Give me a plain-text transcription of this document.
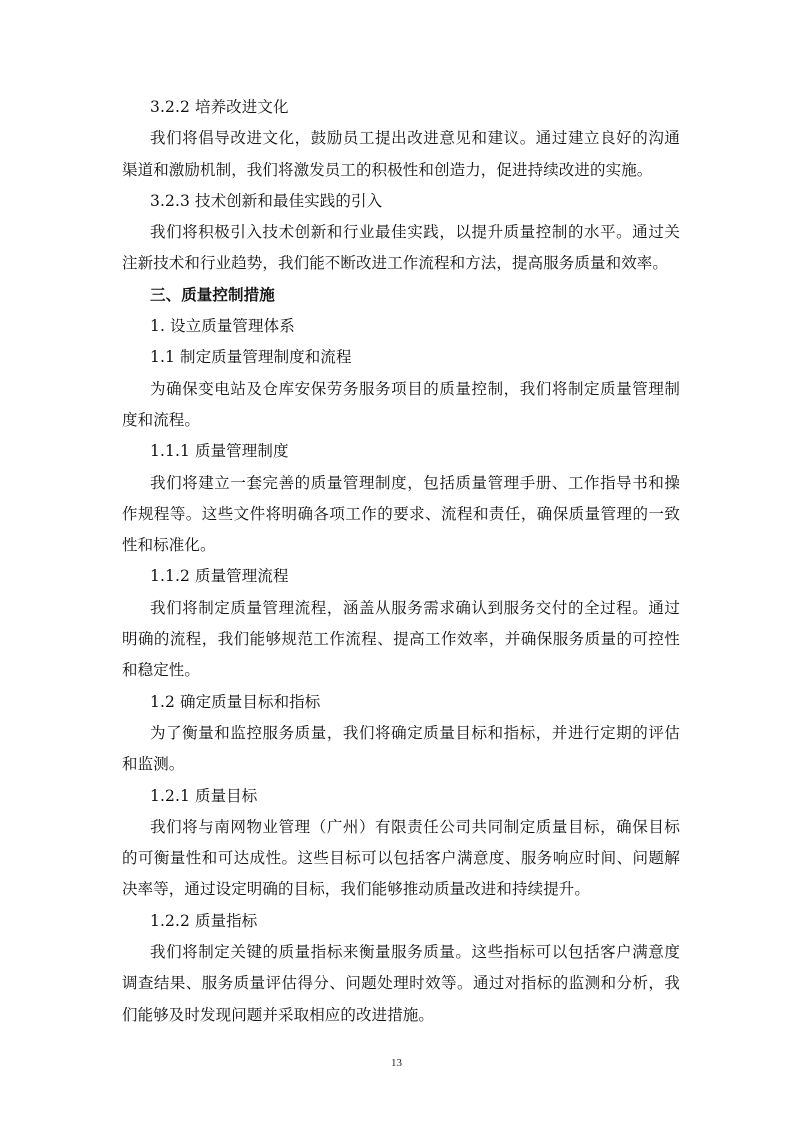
3.2.2 培养改进文化
我们将倡导改进文化，鼓励员工提出改进意见和建议。通过建立良好的沟通
渠道和激励机制，我们将激发员工的积极性和创造力，促进持续改进的实施。
3.2.3 技术创新和最佳实践的引入
我们将积极引入技术创新和行业最佳实践，以提升质量控制的水平。通过关
注新技术和行业趋势，我们能不断改进工作流程和方法，提高服务质量和效率。
三、质量控制措施
1. 设立质量管理体系
1.1 制定质量管理制度和流程
为确保变电站及仓库安保劳务服务项目的质量控制，我们将制定质量管理制
度和流程。
1.1.1 质量管理制度
我们将建立一套完善的质量管理制度，包括质量管理手册、工作指导书和操
作规程等。这些文件将明确各项工作的要求、流程和责任，确保质量管理的一致
性和标准化。
1.1.2 质量管理流程
我们将制定质量管理流程，涵盖从服务需求确认到服务交付的全过程。通过
明确的流程，我们能够规范工作流程、提高工作效率，并确保服务质量的可控性
和稳定性。
1.2 确定质量目标和指标
为了衡量和监控服务质量，我们将确定质量目标和指标，并进行定期的评估
和监测。
1.2.1 质量目标
我们将与南网物业管理（广州）有限责任公司共同制定质量目标，确保目标
的可衡量性和可达成性。这些目标可以包括客户满意度、服务响应时间、问题解
决率等，通过设定明确的目标，我们能够推动质量改进和持续提升。
1.2.2 质量指标
我们将制定关键的质量指标来衡量服务质量。这些指标可以包括客户满意度
调查结果、服务质量评估得分、问题处理时效等。通过对指标的监测和分析，我
们能够及时发现问题并采取相应的改进措施。
13
